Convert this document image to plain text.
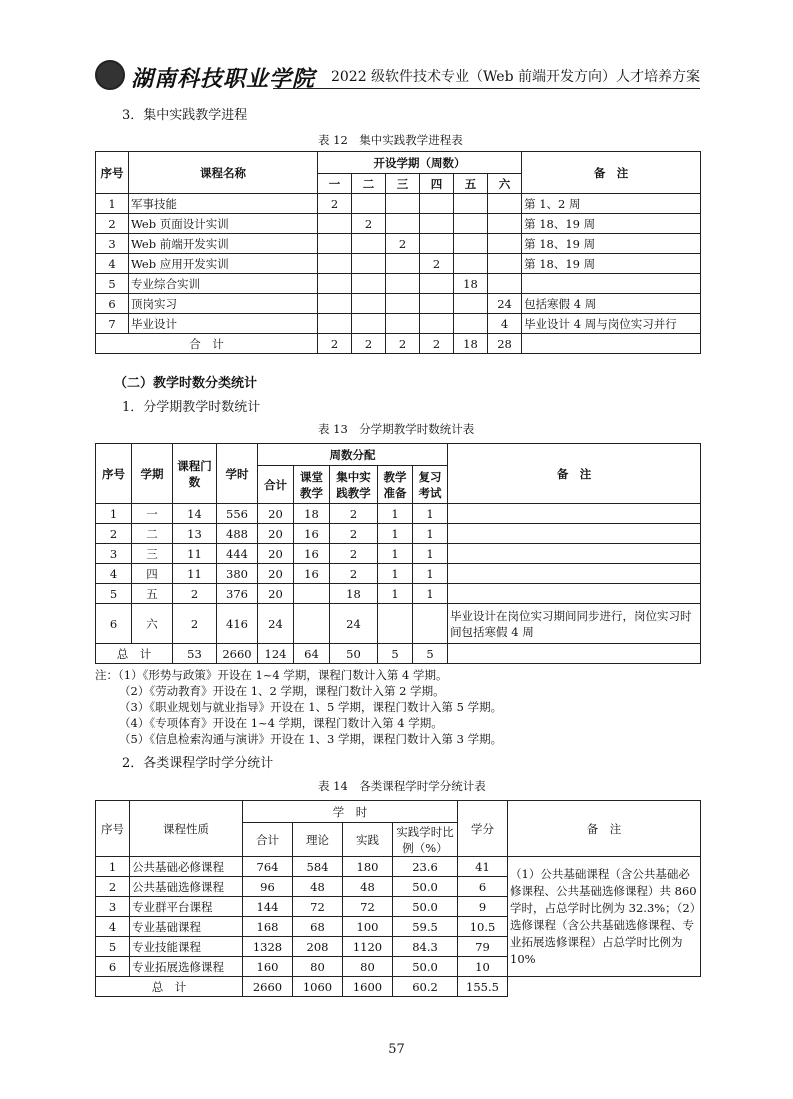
湖南科技职业学院 2022 级软件技术专业（Web 前端开发方向）人才培养方案
3．集中实践教学进程
表 12　集中实践教学进程表
序号	课程名称	开设学期（周数）						备　注
		一	二	三	四	五	六	
1	军事技能	2						第 1、2 周
2	Web 页面设计实训		2					第 18、19 周
3	Web 前端开发实训			2				第 18、19 周
4	Web 应用开发实训				2			第 18、19 周
5	专业综合实训					18		
6	顶岗实习						24	包括寒假 4 周
7	毕业设计						4	毕业设计 4 周与岗位实习并行
合　计		2	2	2	2	18	28	
（二）教学时数分类统计
1．分学期教学时数统计
表 13　分学期教学时数统计表
序号	学期	课程门数	学时	周数分配					备　注
				合计	课堂教学	集中实践教学	教学准备	复习考试	
1	一	14	556	20	18	2	1	1	
2	二	13	488	20	16	2	1	1	
3	三	11	444	20	16	2	1	1	
4	四	11	380	20	16	2	1	1	
5	五	2	376	20		18	1	1	
6	六	2	416	24		24			毕业设计在岗位实习期间同步进行，岗位实习时间包括寒假 4 周
总　计		53	2660	124	64	50	5	5	
注：（1）《形势与政策》开设在 1~4 学期，课程门数计入第 4 学期。
（2）《劳动教育》开设在 1、2 学期，课程门数计入第 2 学期。
（3）《职业规划与就业指导》开设在 1、5 学期，课程门数计入第 5 学期。
（4）《专项体育》开设在 1~4 学期，课程门数计入第 4 学期。
（5）《信息检索沟通与演讲》开设在 1、3 学期，课程门数计入第 3 学期。
2．各类课程学时学分统计
表 14　各类课程学时学分统计表
序号	课程性质	学　时				学分	备　注
		合计	理论	实践	实践学时比例（%）		
1	公共基础必修课程	764	584	180	23.6	41	（1）公共基础课程（含公共基础必修课程、公共基础选修课程）共 860 学时，占总学时比例为 32.3%；（2）选修课程（含公共基础选修课程、专业拓展选修课程）占总学时比例为 10%
2	公共基础选修课程	96	48	48	50.0	6	
3	专业群平台课程	144	72	72	50.0	9	
4	专业基础课程	168	68	100	59.5	10.5	
5	专业技能课程	1328	208	1120	84.3	79	
6	专业拓展选修课程	160	80	80	50.0	10	
总　计		2660	1060	1600	60.2	155.5	
57
